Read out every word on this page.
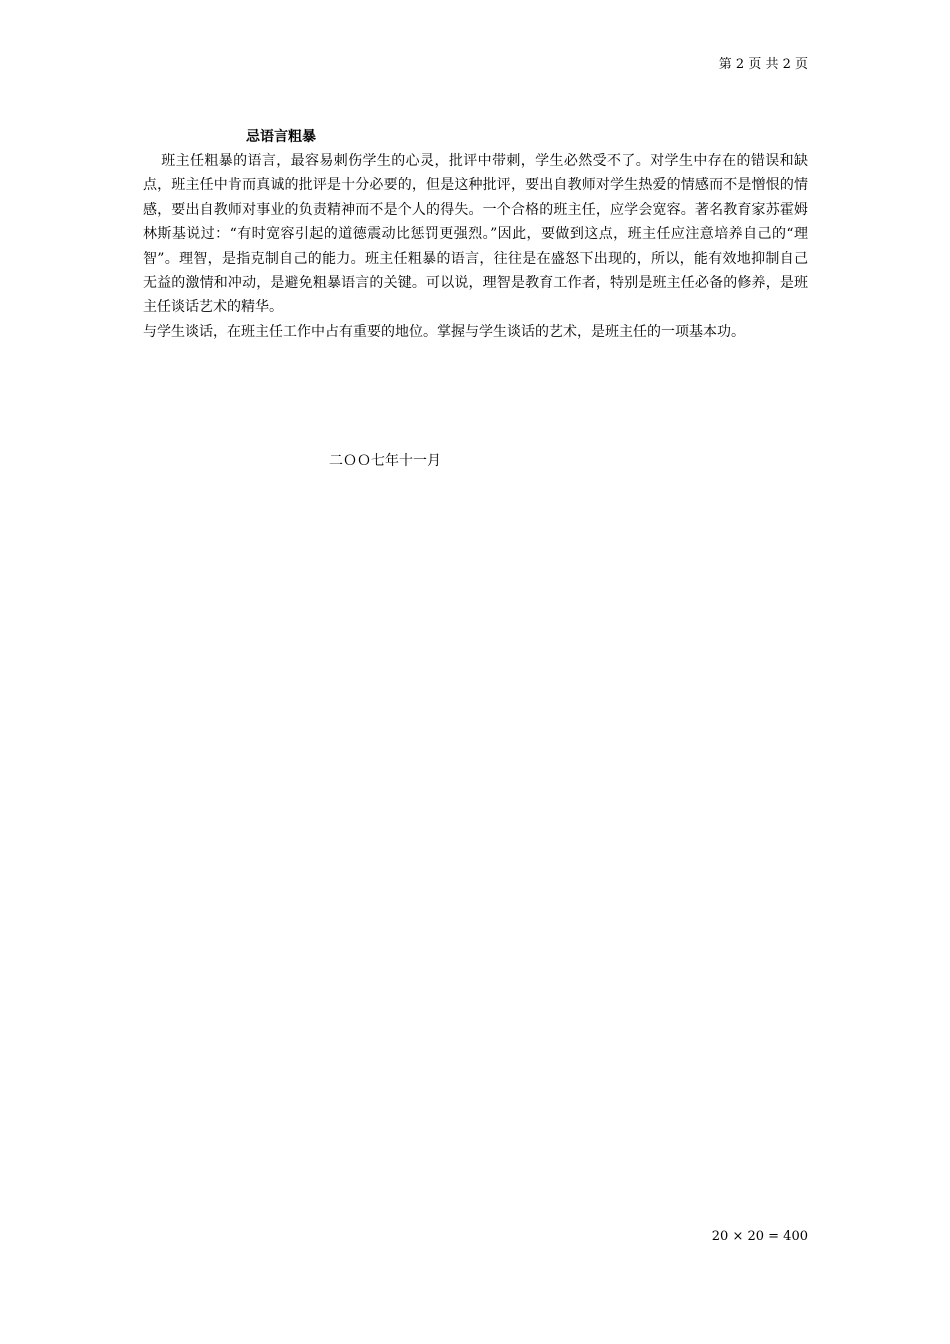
第 2 页 共 2 页
忌语言粗暴

班主任粗暴的语言，最容易刺伤学生的心灵，批评中带刺，学生必然受不了。对学生中存在的错误和缺点，班主任中肯而真诚的批评是十分必要的，但是这种批评，要出自教师对学生热爱的情感而不是憎恨的情感，要出自教师对事业的负责精神而不是个人的得失。一个合格的班主任，应学会宽容。著名教育家苏霍姆林斯基说过：“有时宽容引起的道德震动比惩罚更强烈。”因此，要做到这点，班主任应注意培养自己的“理智”。理智，是指克制自己的能力。班主任粗暴的语言，往往是在盛怒下出现的，所以，能有效地抑制自己无益的激情和冲动，是避免粗暴语言的关键。可以说，理智是教育工作者，特别是班主任必备的修养，是班主任谈话艺术的精华。

与学生谈话，在班主任工作中占有重要的地位。掌握与学生谈话的艺术，是班主任的一项基本功。

二ＯＯ七年十一月
20 × 20 = 400
